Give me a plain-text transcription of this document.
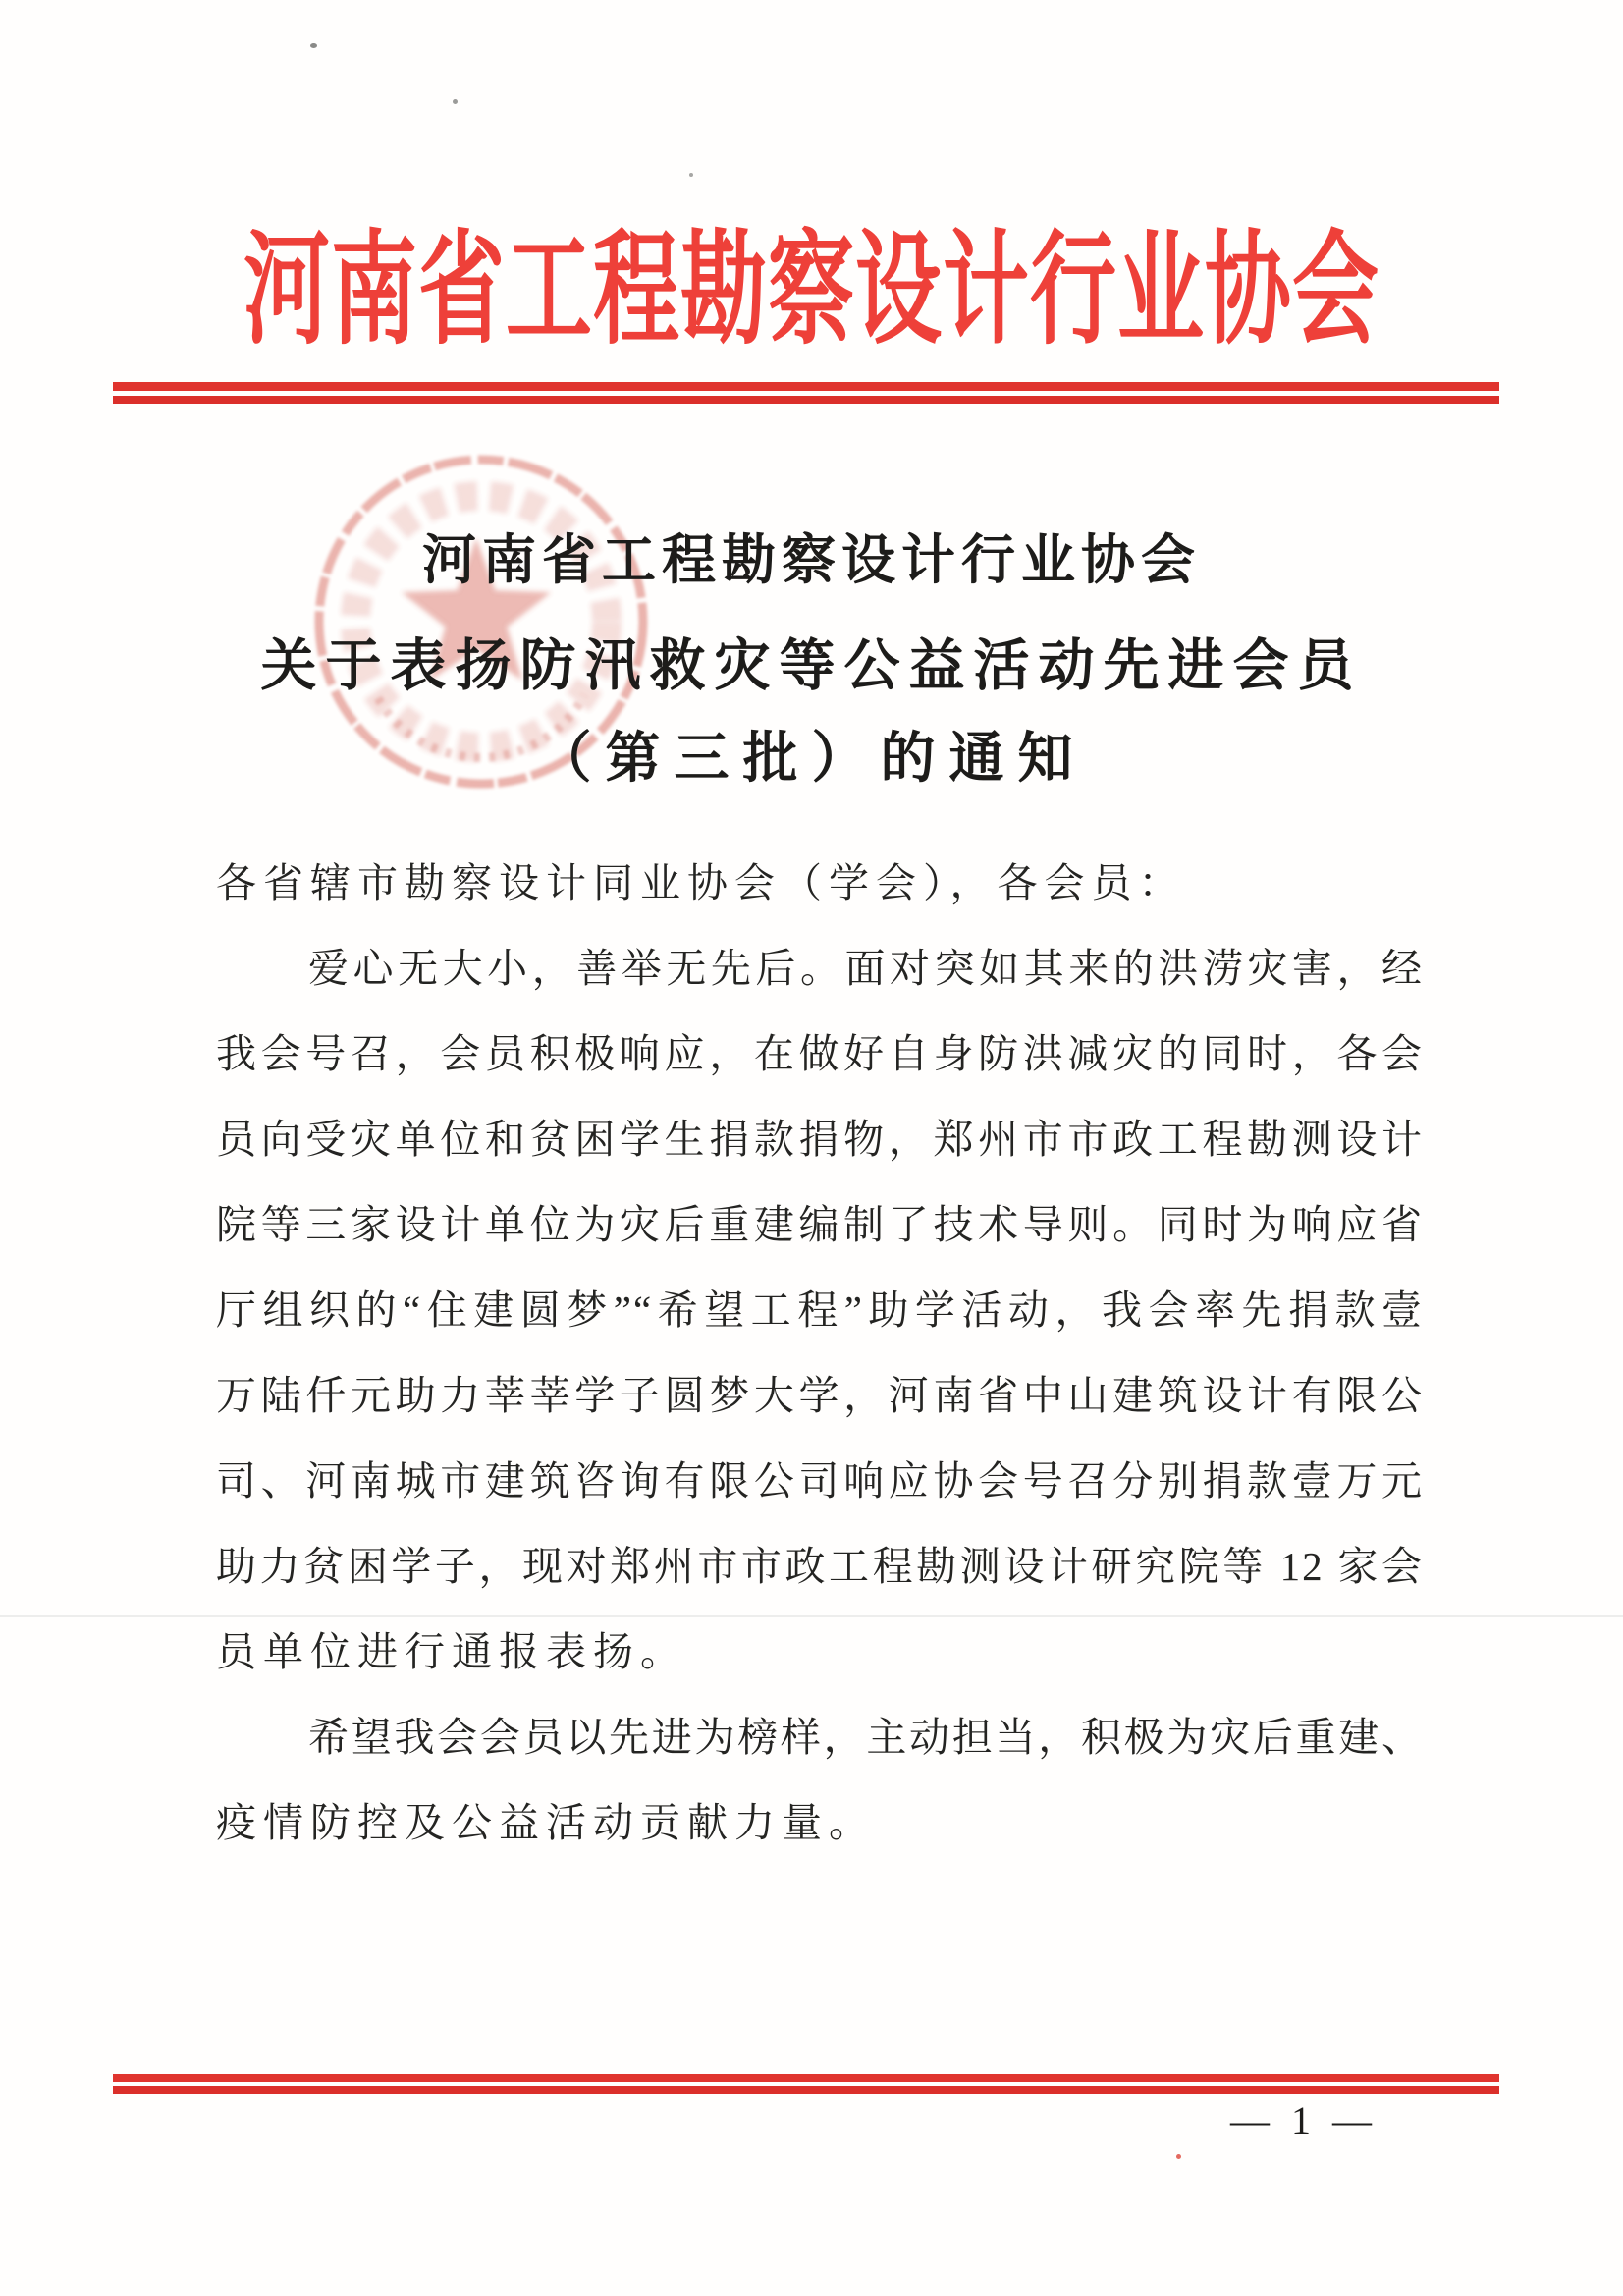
河南省工程勘察设计行业协会
河南省工程勘察设计行业协会
关于表扬防汛救灾等公益活动先进会员
（第三批）的通知
各省辖市勘察设计同业协会（学会），各会员：
爱心无大小，善举无先后。面对突如其来的洪涝灾害，经
我会号召，会员积极响应，在做好自身防洪减灾的同时，各会
员向受灾单位和贫困学生捐款捐物，郑州市市政工程勘测设计
院等三家设计单位为灾后重建编制了技术导则。同时为响应省
厅组织的“住建圆梦”“希望工程”助学活动，我会率先捐款壹
万陆仟元助力莘莘学子圆梦大学，河南省中山建筑设计有限公
司、河南城市建筑咨询有限公司响应协会号召分别捐款壹万元
助力贫困学子，现对郑州市市政工程勘测设计研究院等 12 家会
员单位进行通报表扬。
希望我会会员以先进为榜样，主动担当，积极为灾后重建、
疫情防控及公益活动贡献力量。
— 1 —
